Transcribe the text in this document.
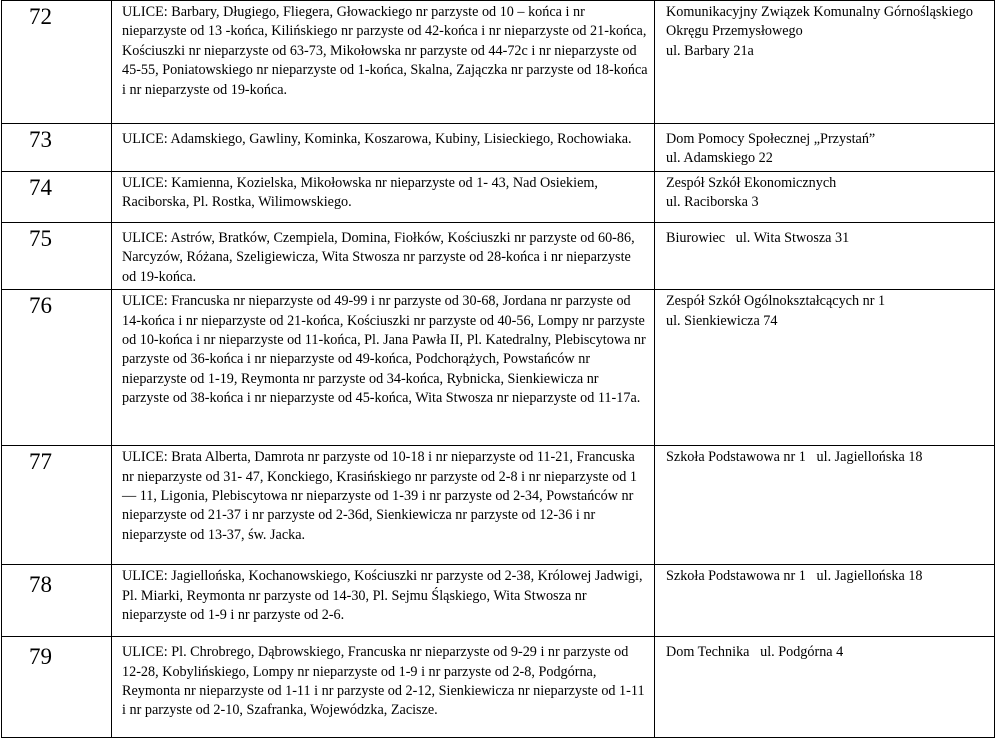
72	ULICE: Barbary, Długiego, Fliegera, Głowackiego nr parzyste od 10 – końca i nr nieparzyste od 13 -końca, Kilińskiego nr parzyste od 42-końca i nr nieparzyste od 21-końca, Kościuszki nr nieparzyste od 63-73, Mikołowska nr parzyste od 44-72c i nr nieparzyste od 45-55, Poniatowskiego nr nieparzyste od 1-końca, Skalna, Zajączka nr parzyste od 18-końca i nr nieparzyste od 19-końca.	Komunikacyjny Związek Komunalny Górnośląskiego Okręgu Przemysłowego
ul. Barbary 21a

73	ULICE: Adamskiego, Gawliny, Kominka, Koszarowa, Kubiny, Lisieckiego, Rochowiaka.	Dom Pomocy Społecznej „Przystań”
ul. Adamskiego 22

74	ULICE: Kamienna, Kozielska, Mikołowska nr nieparzyste od 1- 43, Nad Osiekiem, Raciborska, Pl. Rostka, Wilimowskiego.	Zespół Szkół Ekonomicznych
ul. Raciborska 3

75	ULICE: Astrów, Bratków, Czempiela, Domina, Fiołków, Kościuszki nr parzyste od 60-86, Narcyzów, Różana, Szeligiewicza, Wita Stwosza nr parzyste od 28-końca i nr nieparzyste od 19-końca.	Biurowiec   ul. Wita Stwosza 31

76	ULICE: Francuska nr nieparzyste od 49-99 i nr parzyste od 30-68, Jordana nr parzyste od 14-końca i nr nieparzyste od 21-końca, Kościuszki nr parzyste od 40-56, Lompy nr parzyste od 10-końca i nr nieparzyste od 11-końca, Pl. Jana Pawła II, Pl. Katedralny, Plebiscytowa nr parzyste od 36-końca i nr nieparzyste od 49-końca, Podchorążych, Powstańców nr nieparzyste od 1-19, Reymonta nr parzyste od 34-końca, Rybnicka, Sienkiewicza nr parzyste od 38-końca i nr nieparzyste od 45-końca, Wita Stwosza nr nieparzyste od 11-17a.	Zespół Szkół Ogólnokształcących nr 1
ul. Sienkiewicza 74

77	ULICE: Brata Alberta, Damrota nr parzyste od 10-18 i nr nieparzyste od 11-21, Francuska nr nieparzyste od 31- 47, Konckiego, Krasińskiego nr parzyste od 2-8 i nr nieparzyste od 1 — 11, Ligonia, Plebiscytowa nr nieparzyste od 1-39 i nr parzyste od 2-34, Powstańców nr nieparzyste od 21-37 i nr parzyste od 2-36d, Sienkiewicza nr parzyste od 12-36 i nr nieparzyste od 13-37, św. Jacka.	Szkoła Podstawowa nr 1   ul. Jagiellońska 18

78	ULICE: Jagiellońska, Kochanowskiego, Kościuszki nr parzyste od 2-38, Królowej Jadwigi, Pl. Miarki, Reymonta nr parzyste od 14-30, Pl. Sejmu Śląskiego, Wita Stwosza nr nieparzyste od 1-9 i nr parzyste od 2-6.	Szkoła Podstawowa nr 1   ul. Jagiellońska 18

79	ULICE: Pl. Chrobrego, Dąbrowskiego, Francuska nr nieparzyste od 9-29 i nr parzyste od 12-28, Kobylińskiego, Lompy nr nieparzyste od 1-9 i nr parzyste od 2-8, Podgórna, Reymonta nr nieparzyste od 1-11 i nr parzyste od 2-12, Sienkiewicza nr nieparzyste od 1-11 i nr parzyste od 2-10, Szafranka, Wojewódzka, Zacisze.	Dom Technika   ul. Podgórna 4
